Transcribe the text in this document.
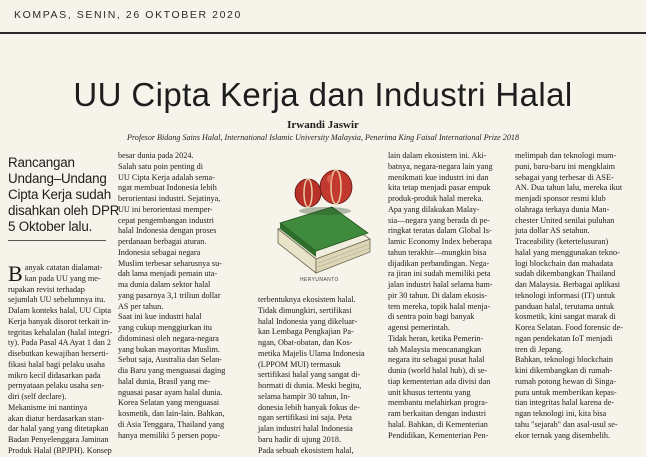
KOMPAS, SENIN, 26 OKTOBER 2020
UU Cipta Kerja dan Industri Halal
Irwandi Jaswir
Profesor Bidang Sains Halal, International Islamic University Malaysia, Penerima King Faisal International Prize 2018

Rancangan
Undang–Undang
Cipta Kerja sudah
disahkan oleh DPR
5 Oktober lalu.

B anyak catatan dialamat-
kan pada UU yang me-
rupakan revisi terhadap
sejumlah UU sebelumnya itu.
Dalam konteks halal, UU Cipta
Kerja banyak disorot terkait in-
tegritas kehalalan (halal integri-
ty). Pada Pasal 4A Ayat 1 dan 2
disebutkan kewajiban berserti-
fikasi halal bagi pelaku usaha
mikro kecil didasarkan pada
pernyataan pelaku usaha sen-
diri (self declare).
Mekanisme ini nantinya
akan diatur berdasarkan stan-
dar halal yang yang ditetapkan
Badan Penyelenggara Jaminan
Produk Halal (BPJPH). Konsep
besar dunia pada 2024.
Salah satu poin penting di
UU Cipta Kerja adalah sema-
ngat membuat Indonesia lebih
berorientasi industri. Sejatinya,
UU ini berorientasi memper-
cepat pengembangan industri
halal Indonesia dengan proses
perdanaan berbagai aturan.
Indonesia sebagai negara
Muslim terbesar seharusnya su-
dah lama menjadi pemain uta-
ma dunia dalam sektor halal
yang pasarnya 3,1 triliun dollar
AS per tahun.
Saat ini kue industri halal
yang cukup menggiurkan itu
didominasi oleh negara-negara
yang bukan mayoritas Muslim.
Sebut saja, Australia dan Selan-
dia Baru yang menguasai daging
halal dunia, Brasil yang me-
nguasai pasar ayam halal dunia.
Korea Selatan yang menguasai
kosmetik, dan lain-lain. Bahkan,
di Asia Tenggara, Thailand yang
hanya memiliki 5 persen popu-
HERYUNANTO
terbentuknya ekosistem halal.
Tidak dimungkiri, sertifikasi
halal Indonesia yang dikeluar-
kan Lembaga Pengkajian Pa-
ngan, Obat-obatan, dan Kos-
metika Majelis Ulama Indonesia
(LPPOM MUI) termasuk
sertifikasi halal yang sangat di-
hormati di dunia. Meski begitu,
selama hampir 30 tahun, In-
donesia lebih banyak fokus de-
ngan sertifikasi ini saja. Peta
jalan industri halal Indonesia
baru hadir di ujung 2018.
Pada sebuah ekosistem halal,
lain dalam ekosistem ini. Aki-
batnya, negara-negara lain yang
menikmati kue industri ini dan
kita tetap menjadi pasar empuk
produk-produk halal mereka.
Apa yang dilakukan Malay-
sia—negara yang berada di pe-
ringkat teratas dalam Global Is-
lamic Economy Index beberapa
tahun terakhir—mungkin bisa
dijadikan perbandingan. Nega-
ra jiran ini sudah memiliki peta
jalan industri halal selama ham-
pir 30 tahun. Di dalam ekosis-
tem mereka, topik halal menja-
di sentra poin bagi banyak
agensi pemerintah.
Tidak heran, ketika Pemerin-
tah Malaysia mencanangkan
negara itu sebagai pusat halal
dunia (world halal hub), di se-
tiap kementerian ada divisi dan
unit khusus tertentu yang
membantu melahirkan progra-
ram berkaitan dengan industri
halal. Bahkan, di Kementerian
Pendidikan, Kementerian Pen-
melimpah dan teknologi mum-
puni, baru-baru ini mengklaim
sebagai yang terbesar di ASE-
AN. Dua tahun lalu, mereka ikut
menjadi sponsor resmi klub
olahraga terkaya dunia Man-
chester United senilai puluhan
juta dollar AS setahun.
Traceability (ketertelusuran)
halal yang menggunakan tekno-
logi blockchain dan mahadata
sudah dikembangkan Thailand
dan Malaysia. Berbagai aplikasi
teknologi informasi (IT) untuk
panduan halal, terutama untuk
kosmetik, kini sangat marak di
Korea Selatan. Food forensic de-
ngan pendekatan IoT menjadi
tren di Jepang.
Bahkan, teknologi blockchain
kini dikembangkan di rumah-
rumah potong hewan di Singa-
pura untuk memberikan kepas-
tian integritas halal karena de-
ngan teknologi ini, kita bisa
tahu "sejarah" dan asal-usul se-
ekor ternak yang disembelih.
